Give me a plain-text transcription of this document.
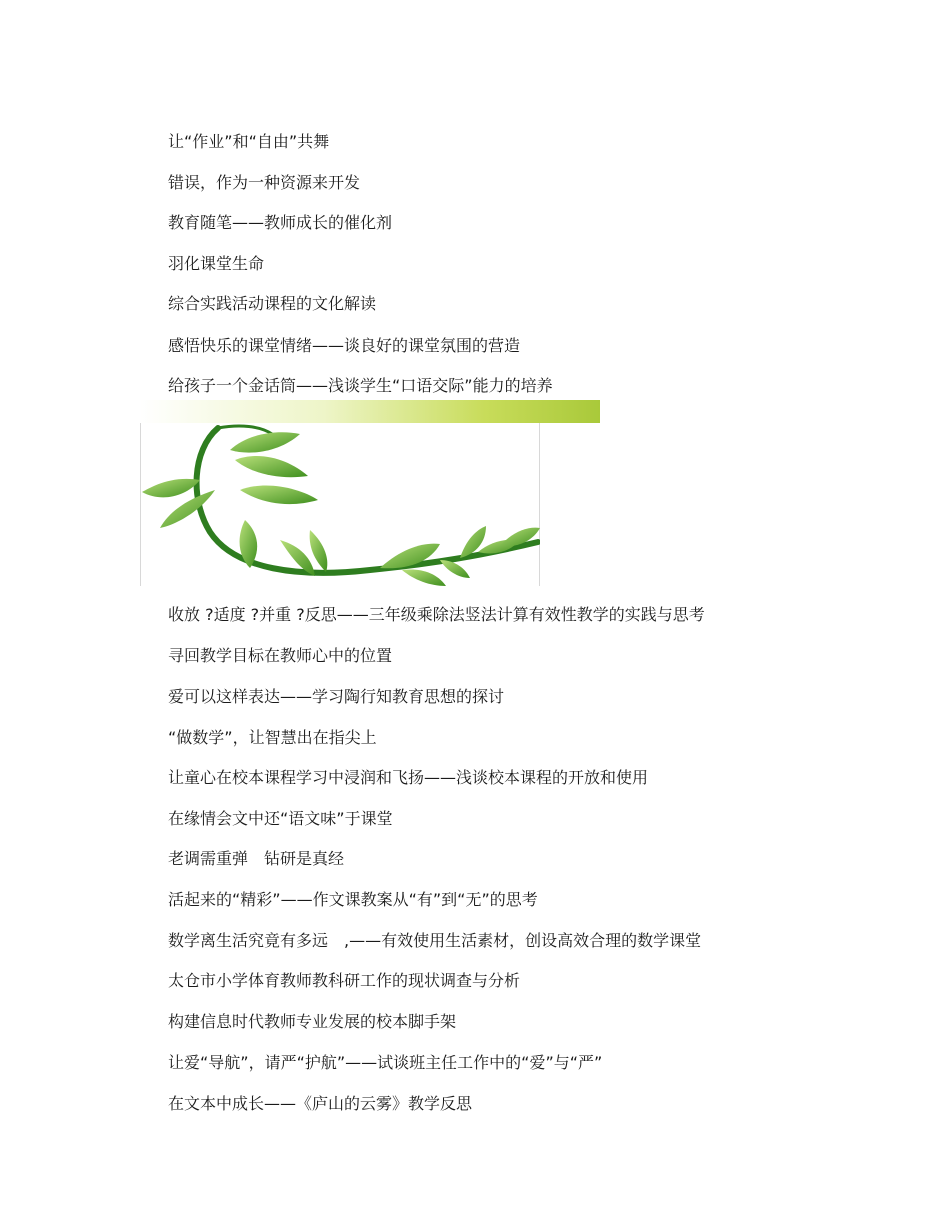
让“作业”和“自由”共舞
错误，作为一种资源来开发
教育随笔——教师成长的催化剂
羽化课堂生命
综合实践活动课程的文化解读
感悟快乐的课堂情绪——谈良好的课堂氛围的营造
给孩子一个金话筒——浅谈学生“口语交际”能力的培养
收放 ?适度 ?并重 ?反思——三年级乘除法竖法计算有效性教学的实践与思考
寻回教学目标在教师心中的位置
爱可以这样表达——学习陶行知教育思想的探讨
“做数学”，让智慧出在指尖上
让童心在校本课程学习中浸润和飞扬——浅谈校本课程的开放和使用
在缘情会文中还“语文味”于课堂
老调需重弹　钻研是真经
活起来的“精彩”——作文课教案从“有”到“无”的思考
数学离生活究竟有多远　,——有效使用生活素材，创设高效合理的数学课堂
太仓市小学体育教师教科研工作的现状调查与分析
构建信息时代教师专业发展的校本脚手架
让爱“导航”，请严“护航”——试谈班主任工作中的“爱”与“严”
在文本中成长——《庐山的云雾》教学反思
